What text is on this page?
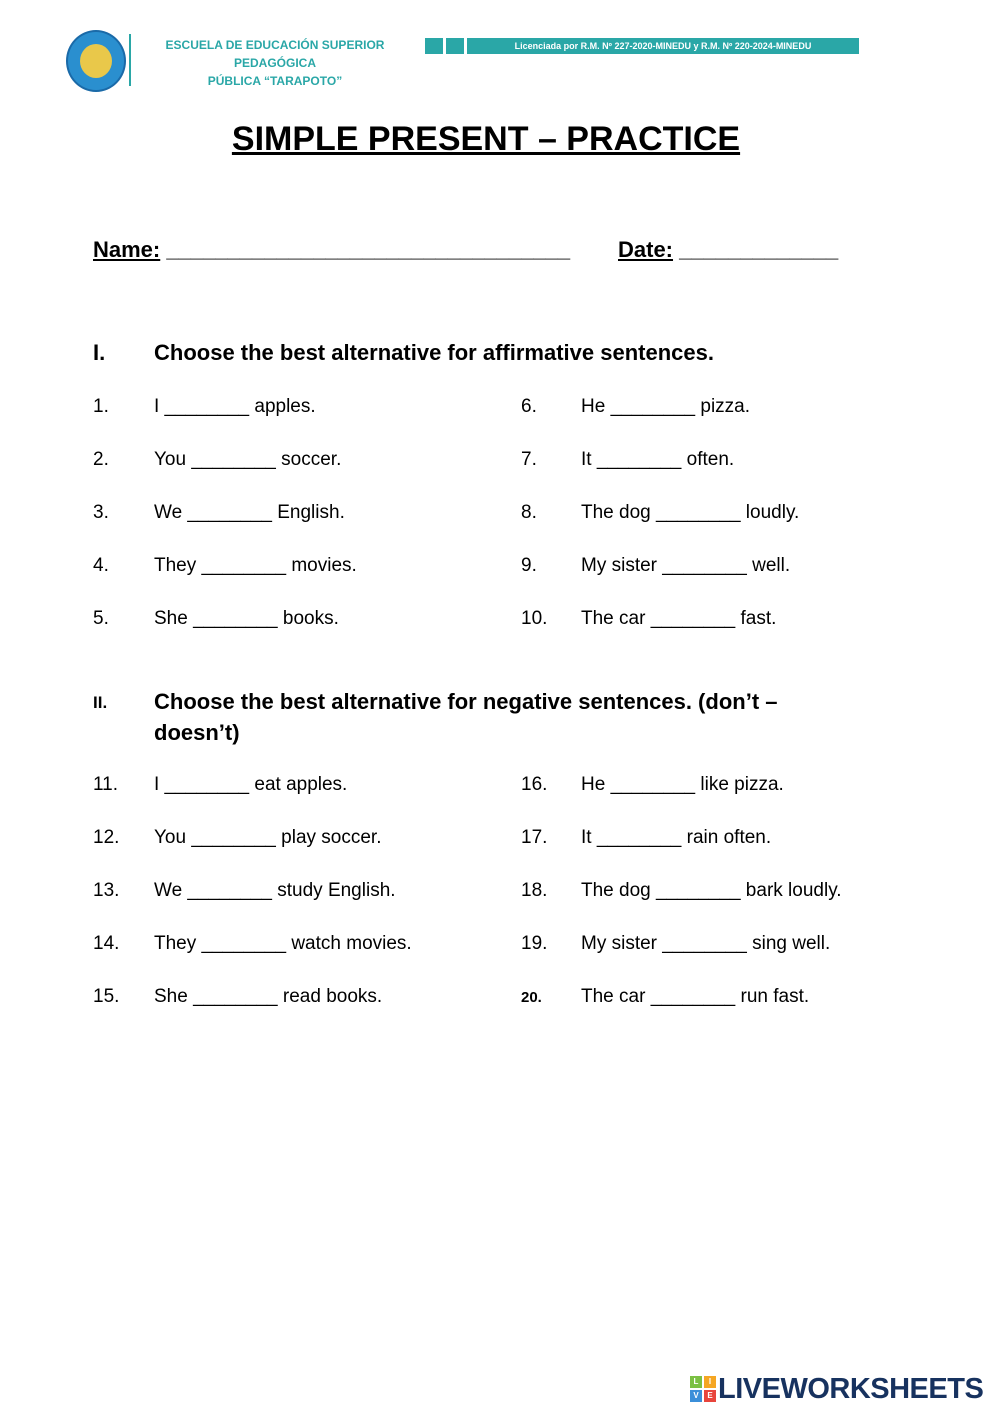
ESCUELA DE EDUCACIÓN SUPERIOR
PEDAGÓGICA
PÚBLICA “TARAPOTO”
Licenciada por R.M. Nº 227-2020-MINEDU y R.M. Nº 220-2024-MINEDU
SIMPLE PRESENT – PRACTICE
Name: _________________________________ Date: _____________
I. Choose the best alternative for affirmative sentences.
1. I ________ apples.
2. You ________ soccer.
3. We ________ English.
4. They ________ movies.
5. She ________ books.
6. He ________ pizza.
7. It ________ often.
8. The dog ________ loudly.
9. My sister ________ well.
10. The car ________ fast.
II. Choose the best alternative for negative sentences. (don’t –
doesn’t)
11. I ________ eat apples.
12. You ________ play soccer.
13. We ________ study English.
14. They ________ watch movies.
15. She ________ read books.
16. He ________ like pizza.
17. It ________ rain often.
18. The dog ________ bark loudly.
19. My sister ________ sing well.
20. The car ________ run fast.
L	I
V	E LIVEWORKSHEETS
